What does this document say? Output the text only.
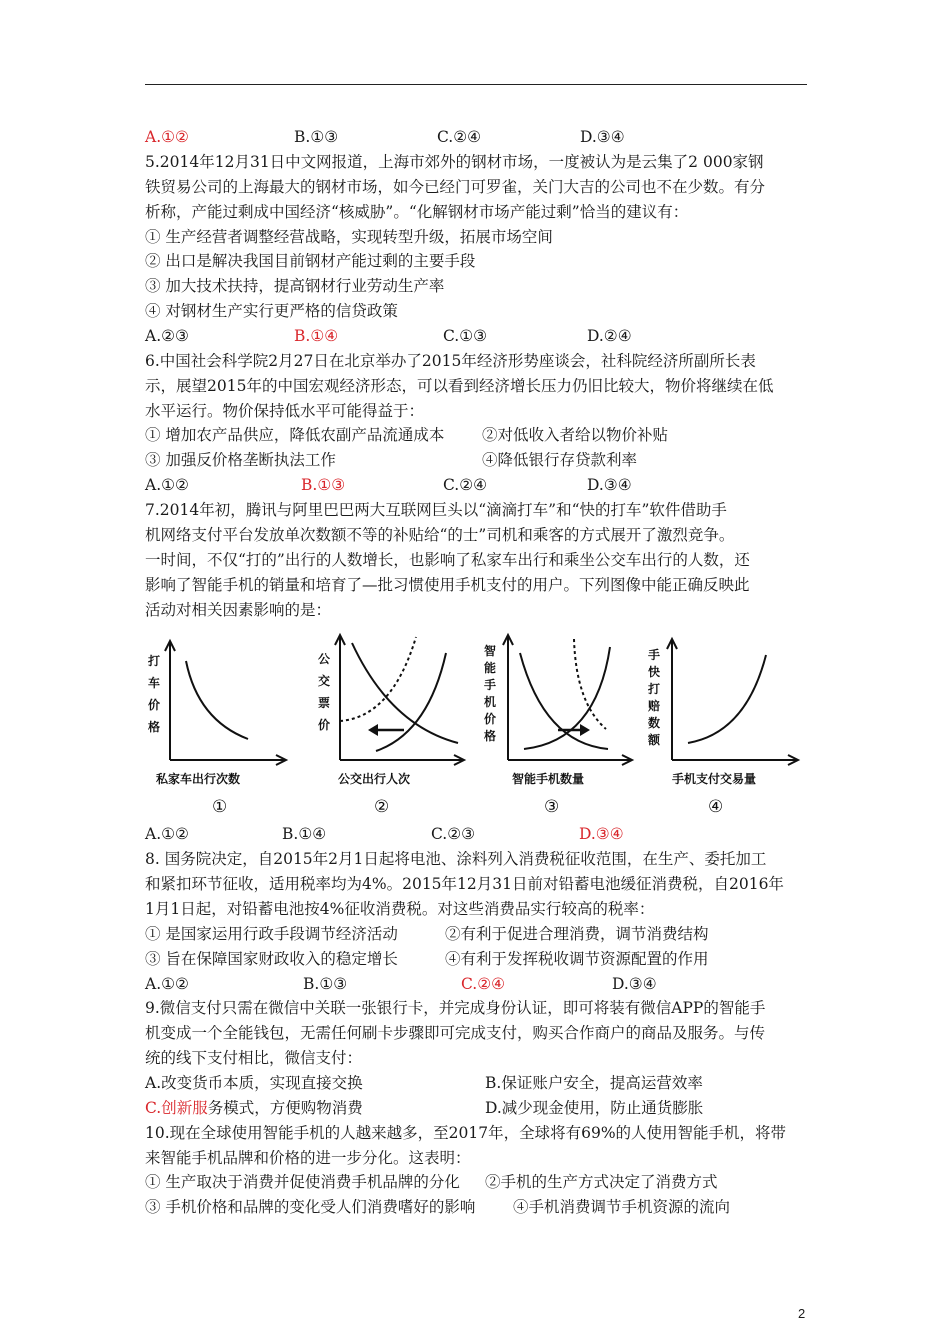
A.①②	B.①③	C.②④	D.③④
5.2014年12月31日中文网报道，上海市郊外的钢材市场，一度被认为是云集了2 000家钢
铁贸易公司的上海最大的钢材市场，如今已经门可罗雀，关门大吉的公司也不在少数。有分
析称，产能过剩成中国经济“核威胁”。“化解钢材市场产能过剩”恰当的建议有：
① 生产经营者调整经营战略，实现转型升级，拓展市场空间
② 出口是解决我国目前钢材产能过剩的主要手段
③ 加大技术扶持，提高钢材行业劳动生产率
④ 对钢材生产实行更严格的信贷政策
A.②③	B.①④	C.①③	D.②④
6.中国社会科学院2月27日在北京举办了2015年经济形势座谈会，社科院经济所副所长表
示，展望2015年的中国宏观经济形态，可以看到经济增长压力仍旧比较大，物价将继续在低
水平运行。物价保持低水平可能得益于：
① 增加农产品供应，降低农副产品流通成本 ②对低收入者给以物价补贴
③ 加强反价格垄断执法工作	④降低银行存贷款利率
A.①②	B.①③	C.②④	D.③④
7.2014年初，腾讯与阿里巴巴两大互联网巨头以“滴滴打车”和“快的打车”软件借助手
机网络支付平台发放单次数额不等的补贴给“的士”司机和乘客的方式展开了激烈竞争。
一时间，不仅“打的”出行的人数增长，也影响了私家车出行和乘坐公交车出行的人数，还
影响了智能手机的销量和培育了—批习惯使用手机支付的用户。下列图像中能正确反映此
活动对相关因素影响的是：
打
车
价
格
私家车出行次数
①
公
交
票
价
公交出行人次
②
智
能
手
机
价
格
智能手机数量
③
手
快
打
赔
数
额
手机支付交易量
④
A.①②	B.①④	C.②③	D.③④
8. 国务院决定，自2015年2月1日起将电池、涂料列入消费税征收范围，在生产、委托加工
和紧扣环节征收，适用税率均为4%。2015年12月31日前对铅蓄电池缓征消费税，自2016年
1月1日起，对铅蓄电池按4%征收消费税。对这些消费品实行较高的税率：
① 是国家运用行政手段调节经济活动	②有利于促进合理消费，调节消费结构
③ 旨在保障国家财政收入的稳定增长	④有利于发挥税收调节资源配置的作用
A.①②	B.①③	C.②④	D.③④
9.微信支付只需在微信中关联一张银行卡，并完成身份认证，即可将装有微信APP的智能手
机变成一个全能钱包，无需任何刷卡步骤即可完成支付，购买合作商户的商品及服务。与传
统的线下支付相比，微信支付：
A.改变货币本质，实现直接交换	B.保证账户安全，提高运营效率
C.创新服务模式，方便购物消费	D.减少现金使用，防止通货膨胀
10.现在全球使用智能手机的人越来越多，至2017年，全球将有69%的人使用智能手机，将带
来智能手机品牌和价格的进一步分化。这表明：
① 生产取决于消费并促使消费手机品牌的分化 ②手机的生产方式决定了消费方式
③ 手机价格和品牌的变化受人们消费嗜好的影响 ④手机消费调节手机资源的流向
2
